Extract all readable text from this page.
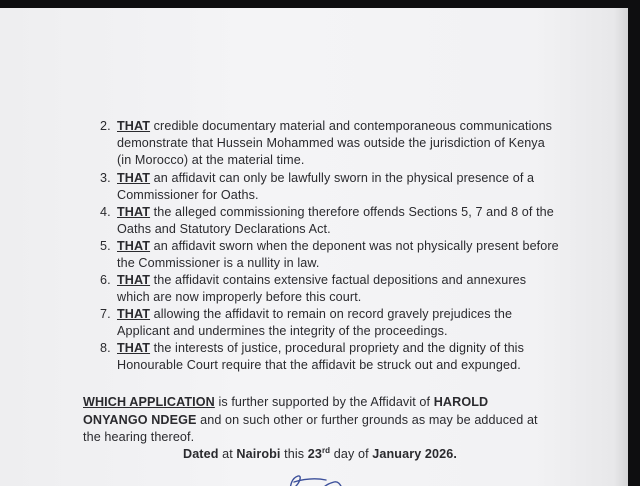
2. THAT credible documentary material and contemporaneous communications demonstrate that Hussein Mohammed was outside the jurisdiction of Kenya (in Morocco) at the material time.
3. THAT an affidavit can only be lawfully sworn in the physical presence of a Commissioner for Oaths.
4. THAT the alleged commissioning therefore offends Sections 5, 7 and 8 of the Oaths and Statutory Declarations Act.
5. THAT an affidavit sworn when the deponent was not physically present before the Commissioner is a nullity in law.
6. THAT the affidavit contains extensive factual depositions and annexures which are now improperly before this court.
7. THAT allowing the affidavit to remain on record gravely prejudices the Applicant and undermines the integrity of the proceedings.
8. THAT the interests of justice, procedural propriety and the dignity of this Honourable Court require that the affidavit be struck out and expunged.
WHICH APPLICATION is further supported by the Affidavit of HAROLD ONYANGO NDEGE and on such other or further grounds as may be adduced at the hearing thereof.
Dated at Nairobi this 23rd day of January 2026.
